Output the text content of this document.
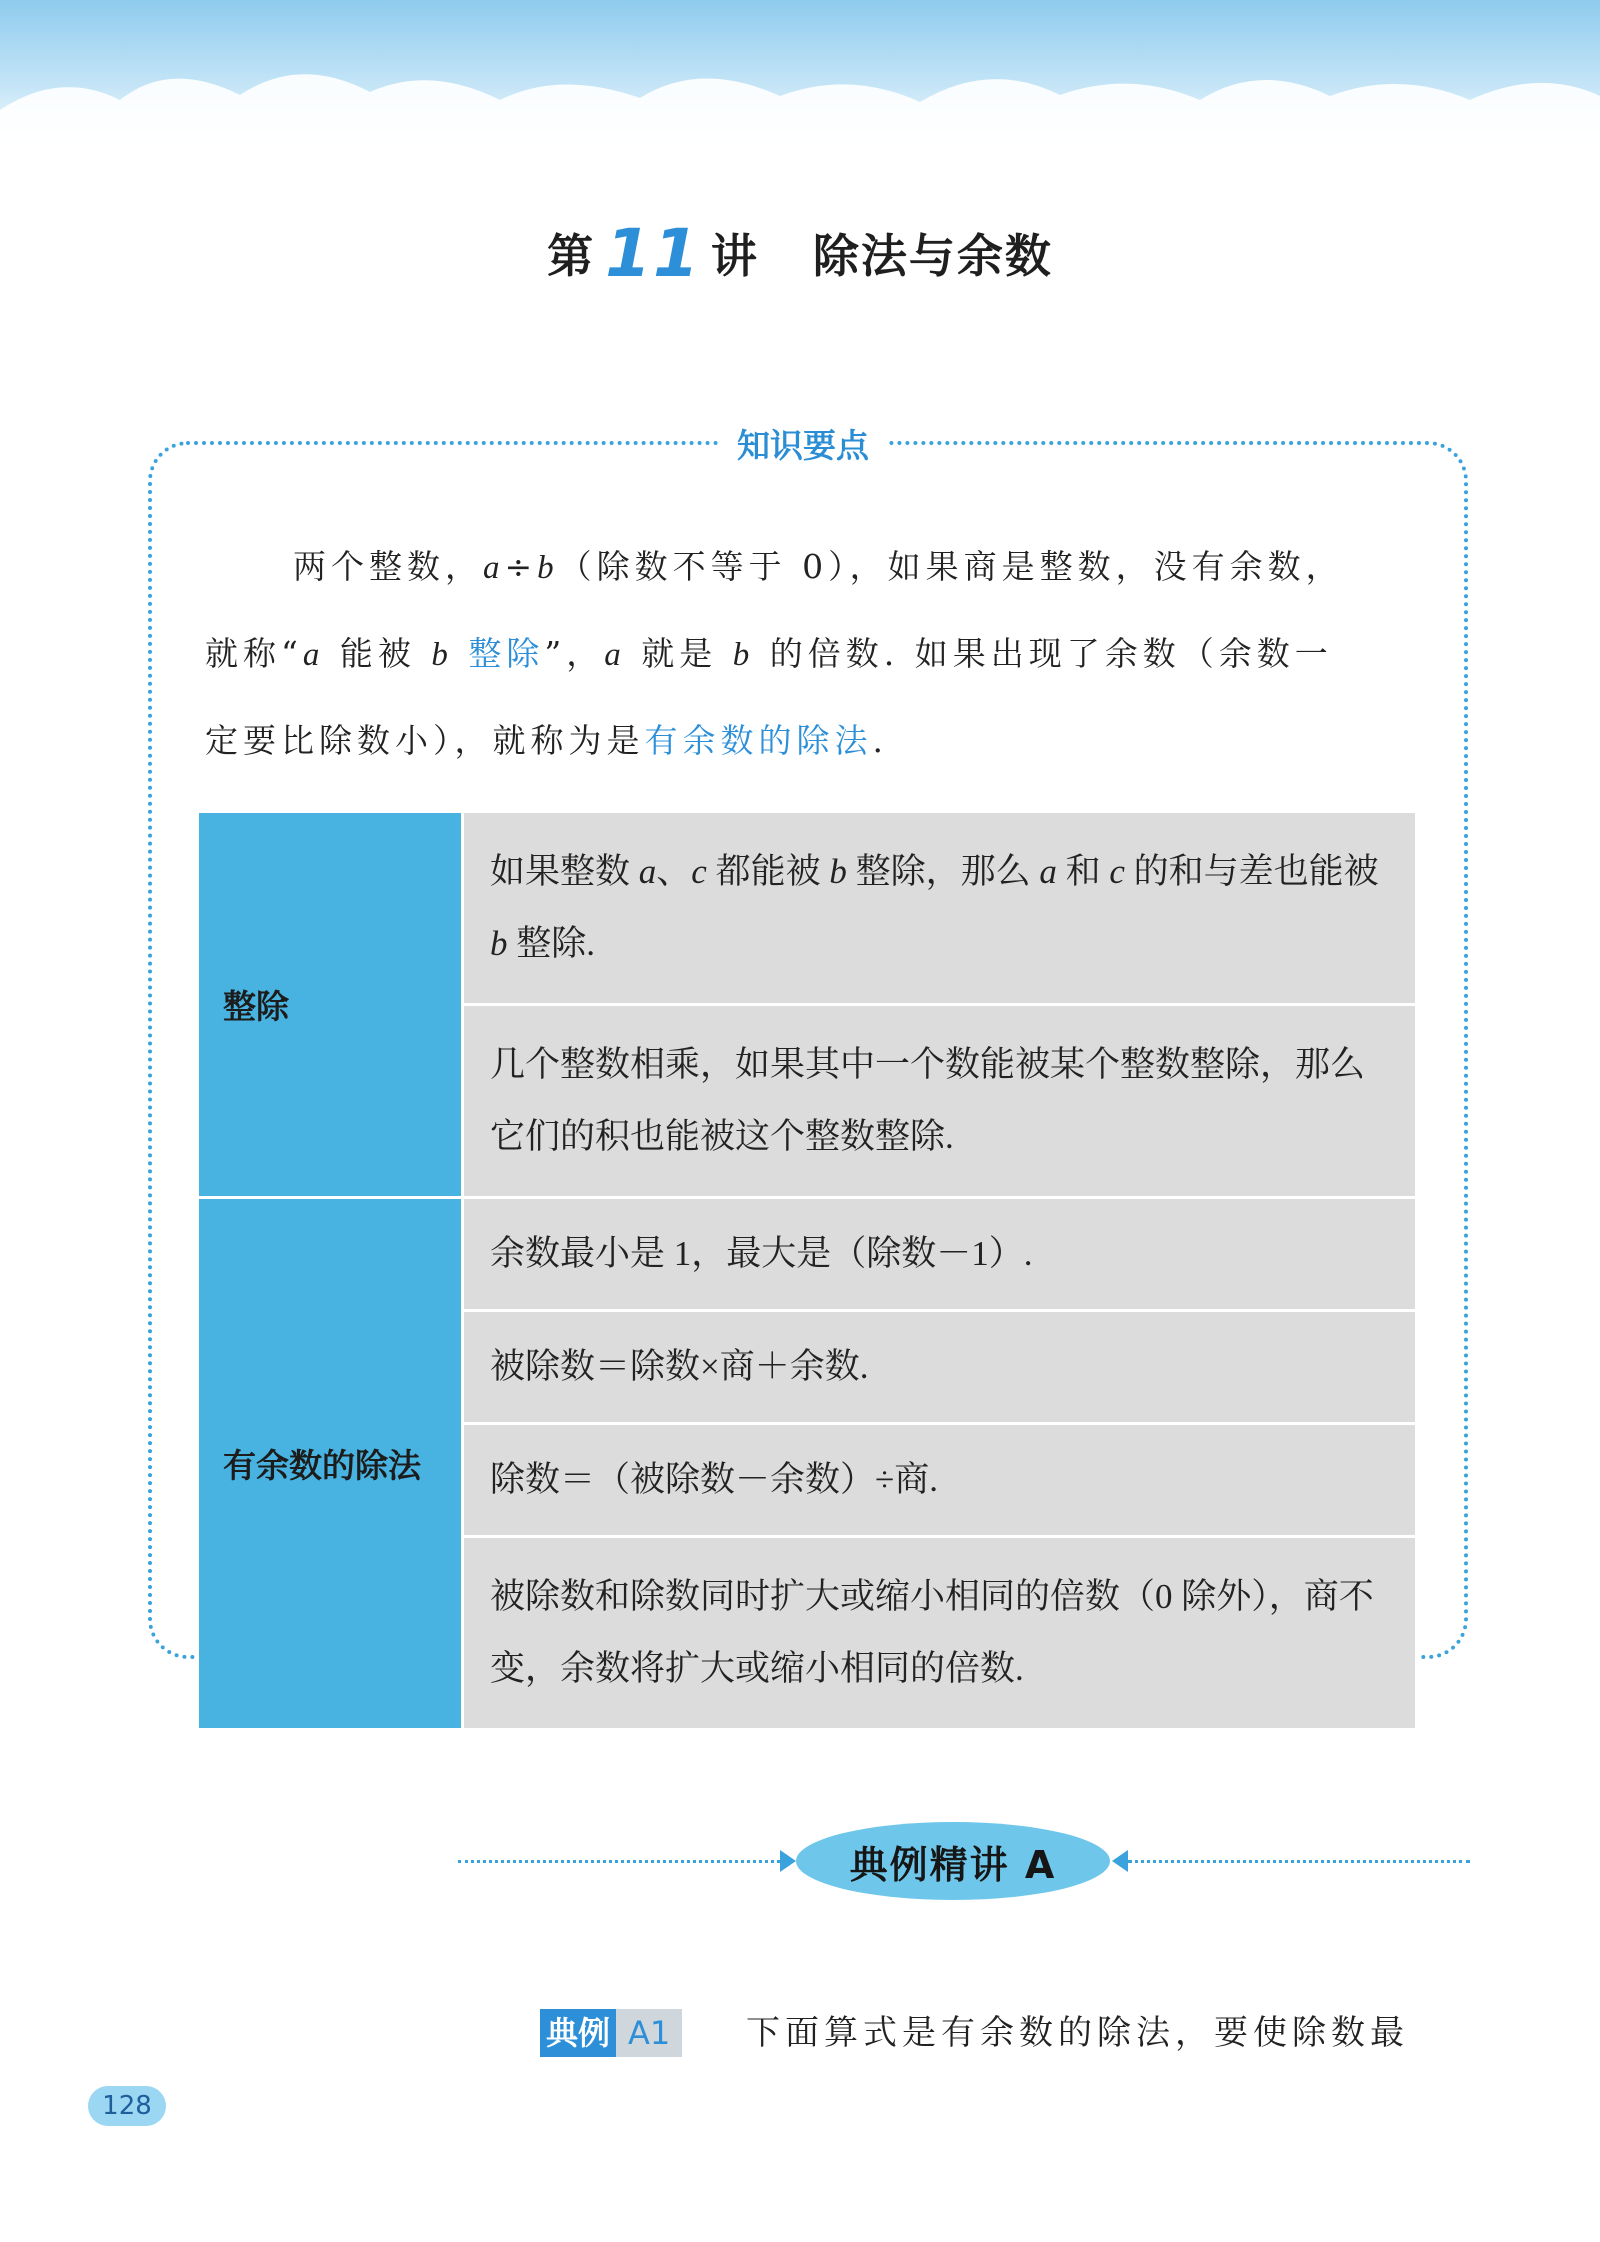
第 11 讲 除法与余数
知识要点

两个整数，a÷b（除数不等于 0），如果商是整数，没有余数，

就称“a 能被 b 整除”，a 就是 b 的倍数. 如果出现了余数（余数一

定要比除数小），就称为是有余数的除法.

整除	如果整数 a、c 都能被 b 整除，那么 a 和 c 的和与差也能被 b 整除.
	几个整数相乘，如果其中一个数能被某个整数整除，那么它们的积也能被这个整数整除.
有余数的除法	余数最小是 1，最大是（除数－1）.
	被除数＝除数×商＋余数.
	除数＝（被除数－余数）÷商.
	被除数和除数同时扩大或缩小相同的倍数（0 除外），商不变，余数将扩大或缩小相同的倍数.
典例精讲 A
典例 A1	下面算式是有余数的除法，要使除数最
128
